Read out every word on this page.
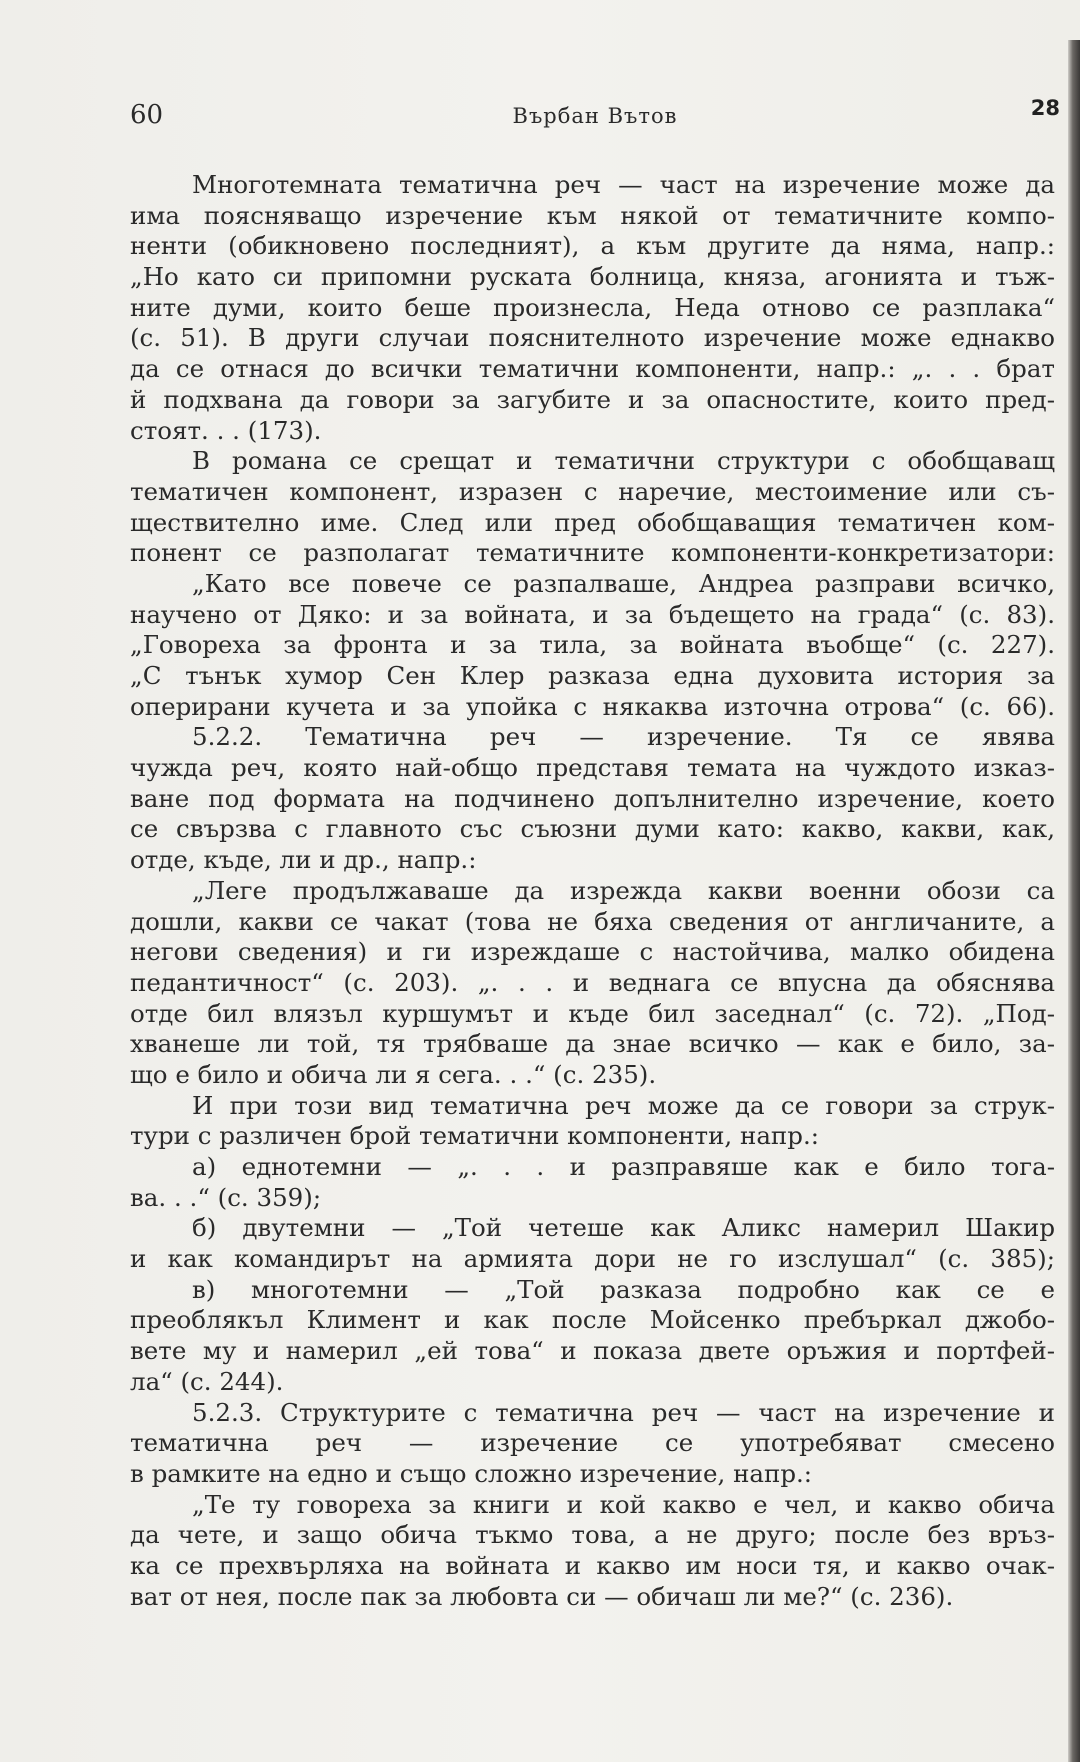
60	Върбан Вътов	28
Многотемната тематична реч — част на изречение може да
има поясняващо изречение към някой от тематичните компо-
ненти (обикновено последният), а към другите да няма, напр.:
„Но като си припомни руската болница, княза, агонията и тъж-
ните думи, които беше произнесла, Неда отново се разплака“
(с. 51). В други случаи пояснителното изречение може еднакво
да се отнася до всички тематични компоненти, напр.: „. . . брат
й подхвана да говори за загубите и за опасностите, които пред-
стоят. . . (173).
В романа се срещат и тематични структури с обобщаващ
тематичен компонент, изразен с наречие, местоимение или съ-
ществително име. След или пред обобщаващия тематичен ком-
понент се разполагат тематичните компоненти-конкретизатори:
„Като все повече се разпалваше, Андреа разправи всичко,
научено от Дяко: и за войната, и за бъдещето на града“ (с. 83).
„Говореха за фронта и за тила, за войната въобще“ (с. 227).
„С тънък хумор Сен Клер разказа една духовита история за
оперирани кучета и за упойка с някаква източна отрова“ (с. 66).
5.2.2. Тематична реч — изречение. Тя се явява
чужда реч, която най-общо представя темата на чуждото изказ-
ване под формата на подчинено допълнително изречение, което
се свързва с главното със съюзни думи като: какво, какви, как,
отде, къде, ли и др., напр.:
„Леге продължаваше да изрежда какви военни обози са
дошли, какви се чакат (това не бяха сведения от англичаните, а
негови сведения) и ги изреждаше с настойчива, малко обидена
педантичност“ (с. 203). „. . . и веднага се впусна да обяснява
отде бил влязъл куршумът и къде бил заседнал“ (с. 72). „Под-
хванеше ли той, тя трябваше да знае всичко — как е било, за-
що е било и обича ли я сега. . .“ (с. 235).
И при този вид тематична реч може да се говори за струк-
тури с различен брой тематични компоненти, напр.:
а) еднотемни — „. . . и разправяше как е било тога-
ва. . .“ (с. 359);
б) двутемни — „Той четеше как Аликс намерил Шакир
и как командирът на армията дори не го изслушал“ (с. 385);
в) многотемни — „Той разказа подробно как се е
преоблякъл Климент и как после Мойсенко пребъркал джобо-
вете му и намерил „ей това“ и показа двете оръжия и портфей-
ла“ (с. 244).
5.2.3. Структурите с тематична реч — част на изречение и
тематична реч — изречение се употребяват смесено
в рамките на едно и също сложно изречение, напр.:
„Те ту говореха за книги и кой какво е чел, и какво обича
да чете, и защо обича тъкмо това, а не друго; после без връз-
ка се прехвърляха на войната и какво им носи тя, и какво очак-
ват от нея, после пак за любовта си — обичаш ли ме?“ (с. 236).
